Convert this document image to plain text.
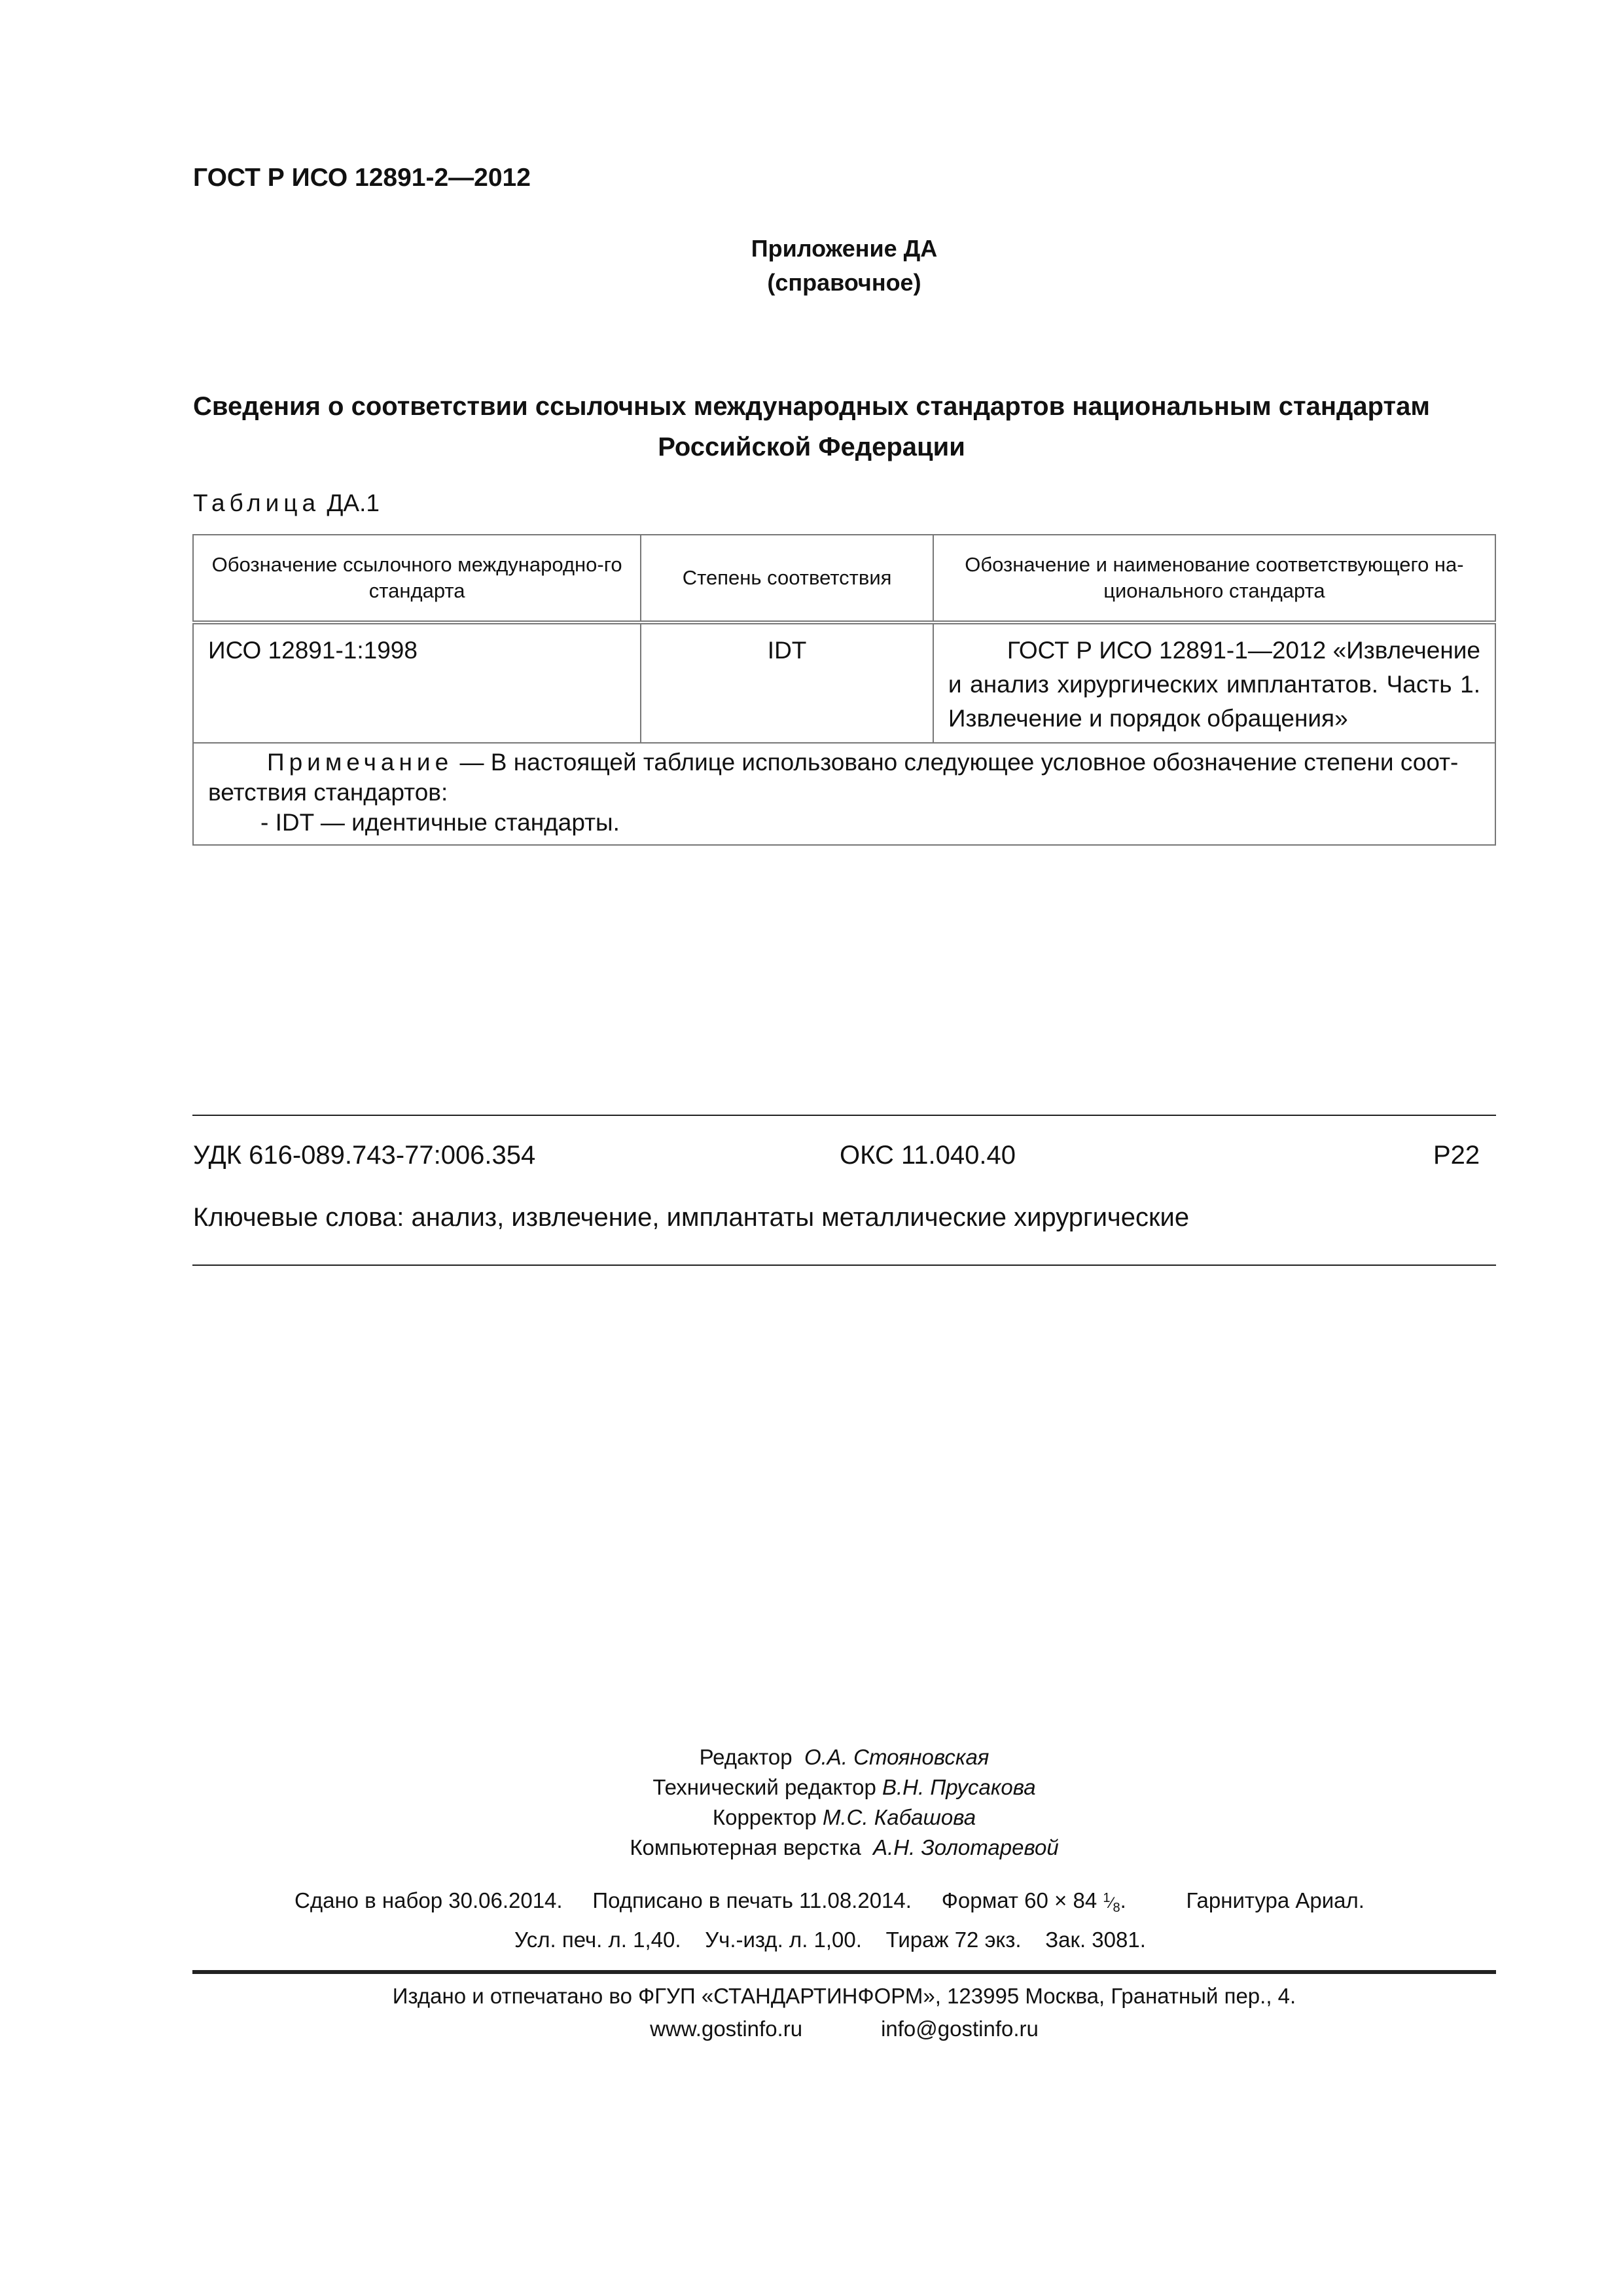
ГОСТ Р ИСО 12891-2—2012
Приложение ДА
(справочное)
Сведения о соответствии ссылочных международных стандартов национальным стандартам
Российской Федерации
Таблица ДА.1
Обозначение ссылочного международно-го стандарта	Степень соответствия	Обозначение и наименование соответствующего на-ционального стандарта
ИСО 12891-1:1998	IDT	ГОСТ Р ИСО 12891-1—2012 «Извлечение и анализ хирургических имплантатов. Часть 1. Извлечение и порядок обращения»

Примечание — В настоящей таблице использовано следующее условное обозначение степени соот-ветствия стандартов:
- IDT — идентичные стандарты.		
УДК 616-089.743-77:006.354	ОКС 11.040.40	Р22
Ключевые слова: анализ, извлечение, имплантаты металлические хирургические
Редактор О.А. Стояновская
Технический редактор В.Н. Прусакова
Корректор М.С. Кабашова
Компьютерная верстка А.Н. Золотаревой
Сдано в набор 30.06.2014. Подписано в печать 11.08.2014. Формат 60 × 84 $^1⁄_8$.          Гарнитура Ариал.
Усл. печ. л. 1,40. Уч.-изд. л. 1,00. Тираж 72 экз. Зак. 3081.
Издано и отпечатано во ФГУП «СТАНДАРТИНФОРМ», 123995 Москва, Гранатный пер., 4.
www.gostinfo.ru	info@gostinfo.ru
